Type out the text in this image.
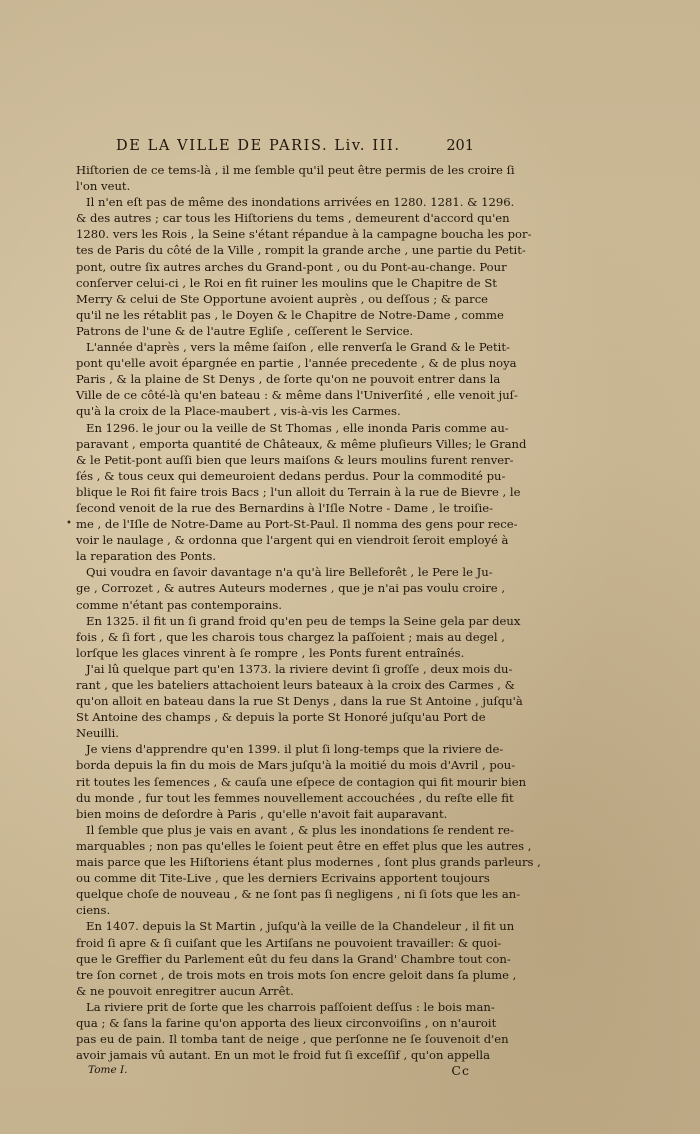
DE LA VILLE DE PARIS. Liv. III.	201
Hiſtorien de ce tems-là , il me ſemble qu'il peut être permis de les croire ſi
l'on veut.
Il n'en eſt pas de même des inondations arrivées en 1280. 1281. & 1296.
& des autres ; car tous les Hiſtoriens du tems , demeurent d'accord qu'en
1280. vers les Rois , la Seine s'étant répandue à la campagne boucha les por-
tes de Paris du côté de la Ville , rompit la grande arche , une partie du Petit-
pont, outre ſix autres arches du Grand-pont , ou du Pont-au-change. Pour
conſerver celui-ci , le Roi en fit ruiner les moulins que le Chapitre de St
Merry & celui de Ste Opportune avoient auprès , ou deſſous ; & parce
qu'il ne les rétablit pas , le Doyen & le Chapitre de Notre-Dame , comme
Patrons de l'une & de l'autre Egliſe , ceſſerent le Service.
L'année d'après , vers la même ſaiſon , elle renverſa le Grand & le Petit-
pont qu'elle avoit épargnée en partie , l'année precedente , & de plus noya
Paris , & la plaine de St Denys , de ſorte qu'on ne pouvoit entrer dans la
Ville de ce côté-là qu'en bateau : & même dans l'Univerſité , elle venoit juſ-
qu'à la croix de la Place-maubert , vis-à-vis les Carmes.
En 1296. le jour ou la veille de St Thomas , elle inonda Paris comme au-
paravant , emporta quantité de Châteaux, & même pluſieurs Villes; le Grand
& le Petit-pont auſſi bien que leurs maiſons & leurs moulins furent renver-
ſés , & tous ceux qui demeuroient dedans perdus. Pour la commodité pu-
blique le Roi fit faire trois Bacs ; l'un alloit du Terrain à la rue de Bievre , le
ſecond venoit de la rue des Bernardins à l'Iſle Notre - Dame , le troiſie-
me , de l'Iſle de Notre-Dame au Port-St-Paul. Il nomma des gens pour rece-
voir le naulage , & ordonna que l'argent qui en viendroit ſeroit employé à
la reparation des Ponts.
Qui voudra en ſavoir davantage n'a qu'à lire Belleforêt , le Pere le Ju-
ge , Corrozet , & autres Auteurs modernes , que je n'ai pas voulu croire ,
comme n'étant pas contemporains.
En 1325. il fit un ſi grand froid qu'en peu de temps la Seine gela par deux
fois , & ſi fort , que les charois tous chargez la paſſoient ; mais au degel ,
lorſque les glaces vinrent à ſe rompre , les Ponts furent entraînés.
J'ai lû quelque part qu'en 1373. la riviere devint ſi groſſe , deux mois du-
rant , que les bateliers attachoient leurs bateaux à la croix des Carmes , &
qu'on alloit en bateau dans la rue St Denys , dans la rue St Antoine , juſqu'à
St Antoine des champs , & depuis la porte St Honoré juſqu'au Port de
Neuilli.
Je viens d'apprendre qu'en 1399. il plut ſi long-temps que la riviere de-
borda depuis la fin du mois de Mars juſqu'à la moitié du mois d'Avril , pou-
rit toutes les ſemences , & cauſa une eſpece de contagion qui fit mourir bien
du monde , fur tout les femmes nouvellement accouchées , du reſte elle fit
bien moins de deſordre à Paris , qu'elle n'avoit fait auparavant.
Il ſemble que plus je vais en avant , & plus les inondations ſe rendent re-
marquables ; non pas qu'elles le ſoient peut être en effet plus que les autres ,
mais parce que les Hiſtoriens étant plus modernes , ſont plus grands parleurs ,
ou comme dit Tite-Live , que les derniers Ecrivains apportent toujours
quelque choſe de nouveau , & ne ſont pas ſi negligens , ni ſi ſots que les an-
ciens.
En 1407. depuis la St Martin , juſqu'à la veille de la Chandeleur , il fit un
froid ſi apre & ſi cuiſant que les Artiſans ne pouvoient travailler: & quoi-
que le Greffier du Parlement eût du feu dans la Grand' Chambre tout con-
tre ſon cornet , de trois mots en trois mots ſon encre geloit dans ſa plume ,
& ne pouvoit enregitrer aucun Arrêt.
La riviere prit de ſorte que les charrois paſſoient deſſus : le bois man-
qua ; & ſans la farine qu'on apporta des lieux circonvoiſins , on n'auroit
pas eu de pain. Il tomba tant de neige , que perſonne ne ſe ſouvenoit d'en
avoir jamais vû autant. En un mot le froid fut ſi exceſſif , qu'on appella
Tome I.	Cc
•
